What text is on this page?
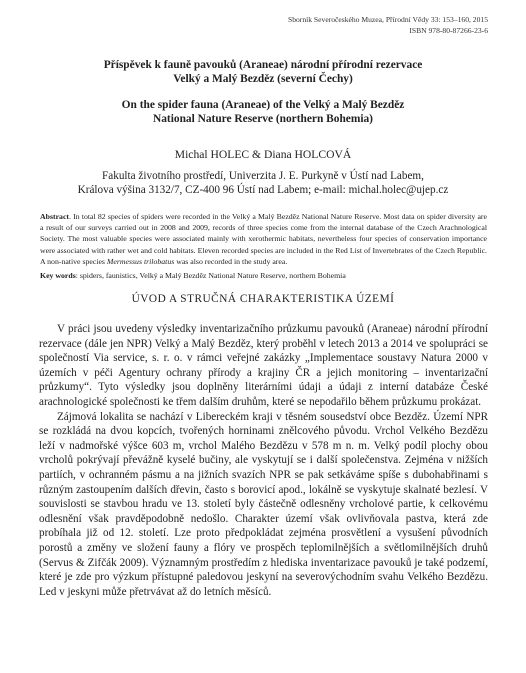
Sborník Severočeského Muzea, Přírodní Vědy 33: 153–160, 2015
ISBN 978-80-87266-23-6
Příspěvek k fauně pavouků (Araneae) národní přírodní rezervace
Velký a Malý Bezděz (severní Čechy)
On the spider fauna (Araneae) of the Velký a Malý Bezděz
National Nature Reserve (northern Bohemia)
Michal HOLEC & Diana HOLCOVÁ
Fakulta životního prostředí, Univerzita J. E. Purkyně v Ústí nad Labem,
Králova výšina 3132/7, CZ-400 96 Ústí nad Labem; e-mail: michal.holec@ujep.cz
Abstract. In total 82 species of spiders were recorded in the Velký a Malý Bezděz National Nature Reserve. Most data on spider diversity are a result of our surveys carried out in 2008 and 2009, records of three species come from the internal database of the Czech Arachnological Society. The most valuable species were associated mainly with xerothermic habitats, nevertheless four species of conservation importance were associated with rather wet and cold habitats. Eleven recorded species are included in the Red List of Invertebrates of the Czech Republic. A non-native species Mermessus trilobatus was also recorded in the study area.
Key words: spiders, faunistics, Velký a Malý Bezděz National Nature Reserve, northern Bohemia
ÚVOD A STRUČNÁ CHARAKTERISTIKA ÚZEMÍ

V práci jsou uvedeny výsledky inventarizačního průzkumu pavouků (Araneae) národní přírodní rezervace (dále jen NPR) Velký a Malý Bezděz, který proběhl v letech 2013 a 2014 ve spolupráci se společností Via service, s. r. o. v rámci veřejné zakázky „Implementace soustavy Natura 2000 v územích v péči Agentury ochrany přírody a krajiny ČR a jejich monitoring – inventarizační průzkumy“. Tyto výsledky jsou doplněny literárními údaji a údaji z interní databáze České arachnologické společnosti ke třem dalším druhům, které se nepodařilo během průzkumu prokázat.

Zájmová lokalita se nachází v Libereckém kraji v těsném sousedství obce Bezděz. Území NPR se rozkládá na dvou kopcích, tvořených horninami znělcového původu. Vrchol Velkého Bezdězu leží v nadmořské výšce 603 m, vrchol Malého Bezdězu v 578 m n. m. Velký podíl plochy obou vrcholů pokrývají převážně kyselé bučiny, ale vyskytují se i další společenstva. Zejména v nižších partiích, v ochranném pásmu a na jižních svazích NPR se pak setkáváme spíše s dubohabřinami s různým zastoupením dalších dřevin, často s borovicí apod., lokálně se vyskytuje skalnaté bezlesí. V souvislosti se stavbou hradu ve 13. století byly částečně odlesněny vrcholové partie, k celkovému odlesnění však pravděpodobně nedošlo. Charakter území však ovlivňovala pastva, která zde probíhala již od 12. století. Lze proto předpokládat zejména prosvětlení a vysušení původních porostů a změny ve složení fauny a flóry ve prospěch teplomilnějších a světlomilnějších druhů (Servus & Zifčák 2009). Významným prostředím z hlediska inventarizace pavouků je také podzemí, které je zde pro výzkum přístupné paledovou jeskyní na severovýchodním svahu Velkého Bezdězu. Led v jeskyni může přetrvávat až do letních měsíců.
